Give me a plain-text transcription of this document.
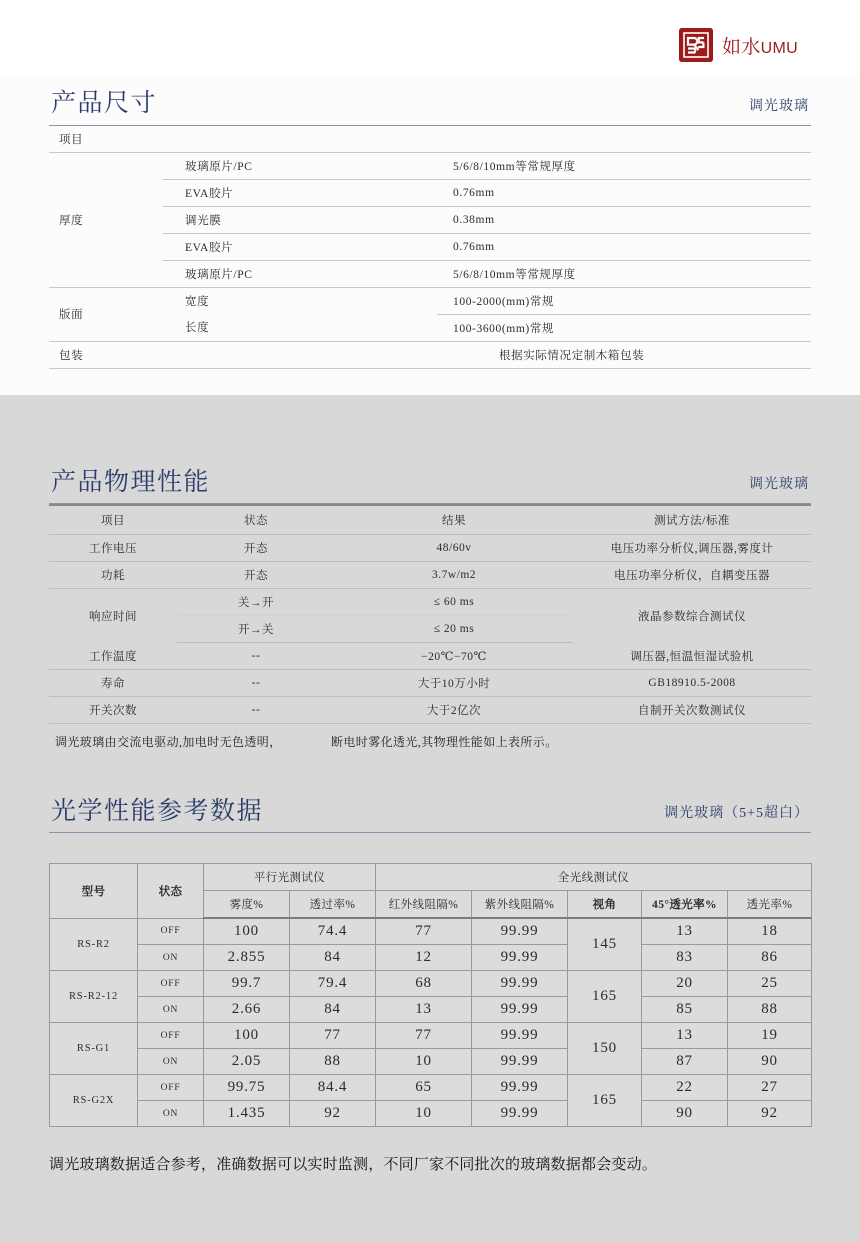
如水UMU
产品尺寸	调光玻璃
项目		
厚度	玻璃原片/PC	5/6/8/10mm等常规厚度
	EVA胶片	0.76mm
	调光膜	0.38mm
	EVA胶片	0.76mm
	玻璃原片/PC	5/6/8/10mm等常规厚度
版面	宽度	100-2000(mm)常规
	长度	100-3600(mm)常规
包装		根据实际情况定制木箱包装
产品物理性能	调光玻璃
项目	状态	结果	测试方法/标准
工作电压	开态	48/60v	电压功率分析仪,调压器,雾度计
功耗	开态	3.7w/m2	电压功率分析仪，自耦变压器
响应时间	关→开	≤ 60 ms	液晶参数综合测试仪
	开→关	≤ 20 ms	
工作温度	--	−20℃−70℃	调压器,恒温恒湿试验机
寿命	--	大于10万小时	GB18910.5-2008
开关次数	--	大于2亿次	自制开关次数测试仪
调光玻璃由交流电驱动,加电时无色透明，	断电时雾化透光,其物理性能如上表所示。
光学性能参考数据	调光玻璃（5+5超白）
型号	状态	平行光测试仪		全光线测试仪				
		雾度%	透过率%	红外线阻隔%	紫外线阻隔%	视角	45°透光率%	透光率%
RS-R2	OFF	100	74.4	77	99.99	145	13	18
	ON	2.855	84	12	99.99		83	86
RS-R2-12	OFF	99.7	79.4	68	99.99	165	20	25
	ON	2.66	84	13	99.99		85	88
RS-G1	OFF	100	77	77	99.99	150	13	19
	ON	2.05	88	10	99.99		87	90
RS-G2X	OFF	99.75	84.4	65	99.99	165	22	27
	ON	1.435	92	10	99.99		90	92
调光玻璃数据适合参考，准确数据可以实时监测，不同厂家不同批次的玻璃数据都会变动。
